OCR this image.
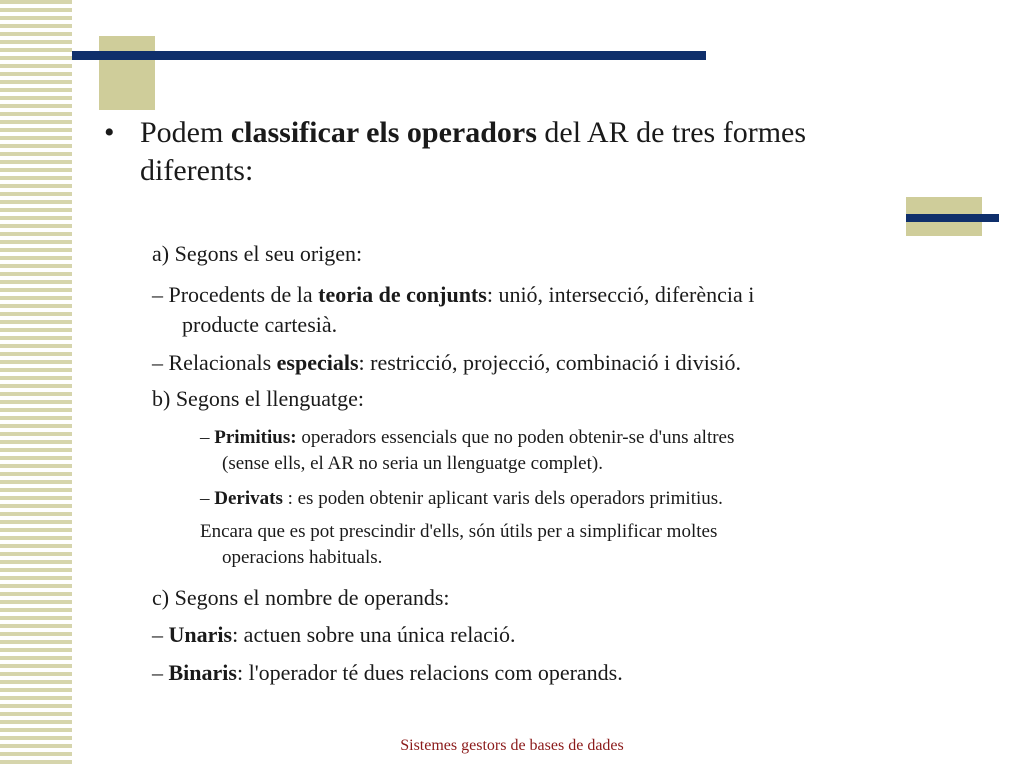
• Podem classificar els operadors del AR de tres formes diferents:
a) Segons el seu origen:
– Procedents de la teoria de conjunts: unió, intersecció, diferència i
producte cartesià.
– Relacionals especials: restricció, projecció, combinació i divisió.
b) Segons el llenguatge:
– Primitius: operadors essencials que no poden obtenir-se d'uns altres
(sense ells, el AR no seria un llenguatge complet).
– Derivats : es poden obtenir aplicant varis dels operadors primitius.
Encara que es pot prescindir d'ells, són útils per a simplificar moltes
operacions habituals.
c) Segons el nombre de operands:
– Unaris: actuen sobre una única relació.
– Binaris: l'operador té dues relacions com operands.
Sistemes gestors de bases de dades
